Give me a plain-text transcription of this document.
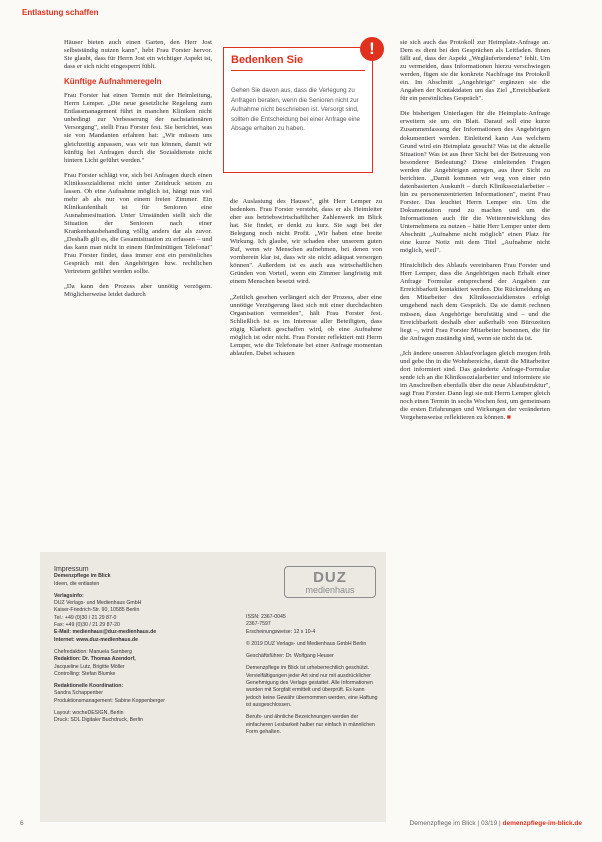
Entlastung schaffen

Häuser bieten auch einen Garten, den Herr Jost selbstständig nutzen kann", hebt Frau Forster hervor. Sie glaubt, dass für Herrn Jost ein wichtiger Aspekt ist, dass er sich nicht eingesperrt fühlt.

Künftige Aufnahmeregeln

Frau Forster hat einen Termin mit der Heimleitung, Herrn Lemper. „Die neue gesetzliche Regelung zum Entlassmanagement führt in manchen Kliniken nicht unbedingt zur Verbesserung der nachstationären Versorgung", stellt Frau Forster fest. Sie berichtet, was sie von Mandanten erfahren hat: „Wir müssen uns gleichzeitig anpassen, was wir tun können, damit wir künftig bei Anfragen durch die Sozialdienste nicht hintern Licht geführt werden."

Frau Forster schlägt vor, sich bei Anfragen durch einen Klinikssozialdienst nicht unter Zeitdruck setzen zu lassen. Ob eine Aufnahme möglich ist, hängt nun viel mehr ab als nur von einem freien Zimmer. Ein Klinikaufenthalt ist für Senioren eine Ausnahmesituation. Unter Umständen stellt sich die Situation der Senioren nach einer Krankenhausbehandlung völlig anders dar als zuvor. „Deshalb gilt es, die Gesamtsituation zu erfassen – und das kann man nicht in einem fünfminütigen Telefonat" Frau Forster findet, dass immer erst ein persönliches Gespräch mit den Angehörigen bzw. rechtlichen Vertretern geführt werden sollte.

„Da kann den Prozess aber unnötig verzögern. Möglicherweise leidet dadurch

Bedenken Sie
Gehen Sie davon aus, dass die Verlegung zu Anfragen beraten, wenn die Senioren nicht zur Aufnahme nicht beschrieben ist. Versorgt sind, sollten die Entscheidung bei einer Anfrage eine Absage erhalten zu haben.
!

die Auslastung des Hauses", gibt Herr Lemper zu bedenken. Frau Forster versteht, dass er als Heimleiter eher aus betriebswirtschaftlicher Zahlenwerk im Blick hat. Sie findet, er denkt zu kurz. Sie sagt bei der Belegung noch nicht Profit. „Wir haben eine breite Wirkung. Ich glaube, wir schaden eher unserem guten Ruf, wenn wir Menschen aufnehmen, bei denen von vornherein klar ist, dass wir sie nicht adäquat versorgen können". Außerdem ist es auch aus wirtschaftlichen Gründen von Vorteil, wenn ein Zimmer langfristig mit einem Menschen besetzt wird.

„Zeitlich gesehen verlängert sich der Prozess, aber eine unnötige Verzögerung lässt sich mit einer durchdachten Organisation vermeiden", hält Frau Forster fest. Schließlich ist es im Interesse aller Beteiligten, dass zügig Klarheit geschaffen wird, ob eine Aufnahme möglich ist oder nicht. Frau Forster reflektiert mit Herrn Lemper, wie die Telefonate bei einer Anfrage momentan ablaufen. Dabei schauen

sie sich auch das Protokoll zur Heimplatz-Anfrage an. Dem es dient bei den Gesprächen als Leitfaden. Ihnen fällt auf, dass der Aspekt „Wegläufertendenz" fehlt. Um zu vermeiden, dass Informationen hierzu verschwiegen werden, fügen sie die konkrete Nachfrage ins Protokoll ein. Im Abschnitt „Angehörige" ergänzen sie die Angaben der Kontaktdaten um das Ziel „Erreichbarkeit für ein persönliches Gespräch".

Die bisherigen Unterlagen für die Heimplatz-Anfrage erweitern sie um ein Blatt. Darauf soll eine kurze Zusammenfassung der Informationen des Angehörigen dokumentiert werden. Einleitend kann Aus welchem Grund wird ein Heimplatz gesucht? Was ist die aktuelle Situation? Was ist aus Ihrer Sicht bei der Betreuung von besonderer Bedeutung? Diese einleitenden Fragen werden die Angehörigen anregen, aus ihrer Sicht zu berichten. „Damit kommen wir weg von einer rein datenbasierten Auskunft – durch Klinikssozialarbeiter – hin zu personenzentrierten Informationen", meint Frau Forster. Das leuchtet Herrn Lemper ein. Um die Dokumentation rund zu machen und um die Informationen auch für die Weiterentwicklung des Unternehmens zu nutzen – hätte Herr Lemper unter dem Abschnitt „Aufnahme nicht möglich" einen Platz für eine kurze Notiz mit dem Titel „Aufnahme nicht möglich, weil".

Hinsichtlich des Ablaufs vereinbaren Frau Forster und Herr Lemper, dass die Angehörigen nach Erhalt einer Anfrage Formular entsprechend der Angaben zur Erreichbarkeit kontaktiert werden. Die Rückmeldung an den Mitarbeiter des Klinikssozialdienstes erfolgt umgehend nach dem Gespräch. Da sie damit rechnen müssen, dass Angehörige berufstätig sind – und die Erreichbarkeit deshalb eher außerhalb von Bürozeiten liegt –, wird Frau Forster Mitarbeiter benennen, die für die Anfragen zuständig sind, wenn sie nicht da ist.

„Ich ändere unseren Ablaufvorlagen gleich morgen früh und gebe ihn in die Wohnbereiche, damit die Mitarbeiter dort informiert sind. Das geänderte Anfrage-Formular sende ich an die Klinikssozialarbeiter und informiere sie im Anschreiben ebenfalls über die neue Ablaufstruktur", sagt Frau Forster. Dann legt sie mit Herrn Lemper gleich noch einen Termin in sechs Wochen fest, um gemeinsam die ersten Erfahrungen und Wirkungen der veränderten Vorgehensweise reflektieren zu können. ■

Impressum
Demenzpflege im Blick
Ideen, die entlasten
Verlagsinfo:
DUZ Verlags- und Medienhaus GmbH
Kaiser-Friedrich-Str. 90, 10585 Berlin
Tel.: +49 (0)30 / 21 29 87-0
Fax: +49 (0)30 / 21 29 87-20
E-Mail: medienhaus@duz-medienhaus.de
Internet: www.duz-medienhaus.de
Chefredaktion: Manuela Sarnberg
Redaktion: Dr. Thomas Azendorf,
Jacqueline Lutz, Brigitte Möller
Controlling: Stefan Blumke
Redaktionelle Koordination:
Sandra Schappenber
Produktionsmanagement: Sabine Koppenberger
Layout: wocheDESIGN, Berlin
Druck: SDL Digitaler Buchdruck, Berlin
DUZ
medienhaus
ISSN: 2367-0045
2367-7597
Erscheinungsweise: 12 x 10-4
© 2019 DUZ Verlags- und Medienhaus GmbH Berlin
Geschäftsführer: Dr. Wolfgang Heuser
Demenzpflege im Blick ist urheberrechtlich geschützt. Vervielfältigungen jeder Art sind nur mit ausdrücklicher Genehmigung des Verlags gestattet. Alle Informationen wurden mit Sorgfalt ermittelt und überprüft. Es kann jedoch keine Gewähr übernommen werden, eine Haftung ist ausgeschlossen.
Berufs- und ähnliche Bezeichnungen werden der einfacheren Lesbarkeit halber nur einfach in männlichen Form gehalten.
6	Demenzpflege im Blick | 03/19 | demenzpflege-im-blick.de
